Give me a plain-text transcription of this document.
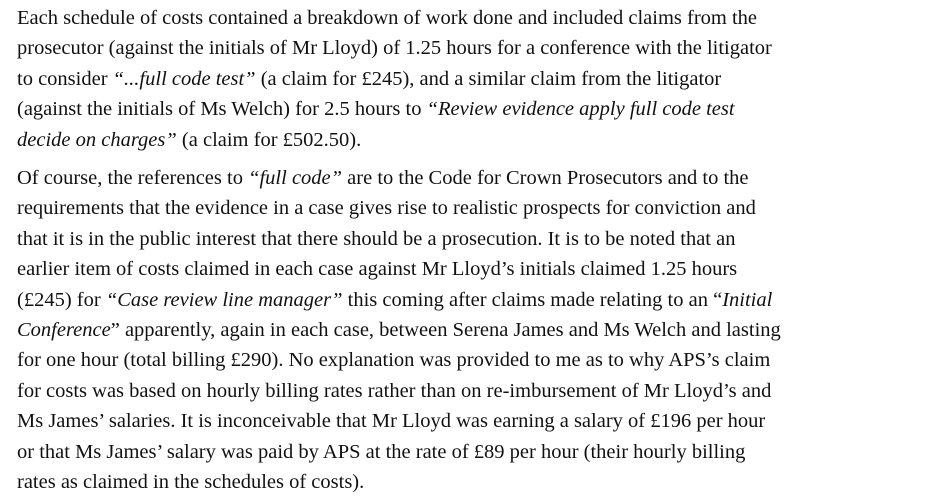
Each schedule of costs contained a breakdown of work done and included claims from the
prosecutor (against the initials of Mr Lloyd) of 1.25 hours for a conference with the litigator
to consider “...full code test” (a claim for £245), and a similar claim from the litigator
(against the initials of Ms Welch) for 2.5 hours to “Review evidence apply full code test
decide on charges” (a claim for £502.50).

Of course, the references to “full code” are to the Code for Crown Prosecutors and to the
requirements that the evidence in a case gives rise to realistic prospects for conviction and
that it is in the public interest that there should be a prosecution. It is to be noted that an
earlier item of costs claimed in each case against Mr Lloyd’s initials claimed 1.25 hours
(£245) for “Case review line manager” this coming after claims made relating to an “Initial
Conference” apparently, again in each case, between Serena James and Ms Welch and lasting
for one hour (total billing £290). No explanation was provided to me as to why APS’s claim
for costs was based on hourly billing rates rather than on re-imbursement of Mr Lloyd’s and
Ms James’ salaries. It is inconceivable that Mr Lloyd was earning a salary of £196 per hour
or that Ms James’ salary was paid by APS at the rate of £89 per hour (their hourly billing
rates as claimed in the schedules of costs).
